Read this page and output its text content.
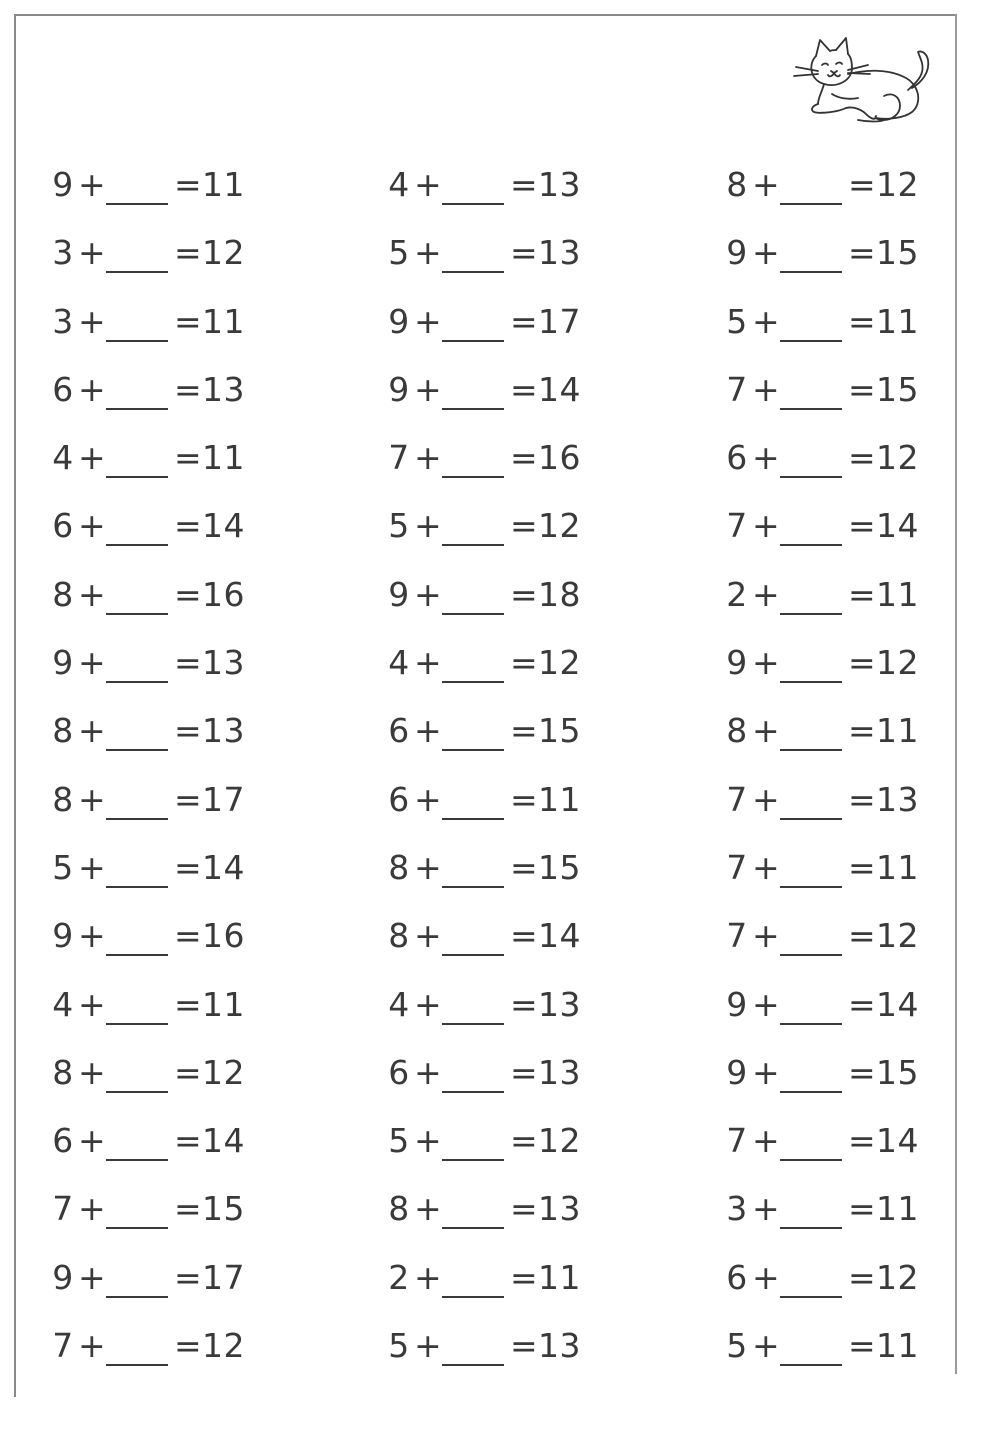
9 + = 11	4 + = 13	8 + = 12
3 + = 12	5 + = 13	9 + = 15
3 + = 11	9 + = 17	5 + = 11
6 + = 13	9 + = 14	7 + = 15
4 + = 11	7 + = 16	6 + = 12
6 + = 14	5 + = 12	7 + = 14
8 + = 16	9 + = 18	2 + = 11
9 + = 13	4 + = 12	9 + = 12
8 + = 13	6 + = 15	8 + = 11
8 + = 17	6 + = 11	7 + = 13
5 + = 14	8 + = 15	7 + = 11
9 + = 16	8 + = 14	7 + = 12
4 + = 11	4 + = 13	9 + = 14
8 + = 12	6 + = 13	9 + = 15
6 + = 14	5 + = 12	7 + = 14
7 + = 15	8 + = 13	3 + = 11
9 + = 17	2 + = 11	6 + = 12
7 + = 12	5 + = 13	5 + = 11
